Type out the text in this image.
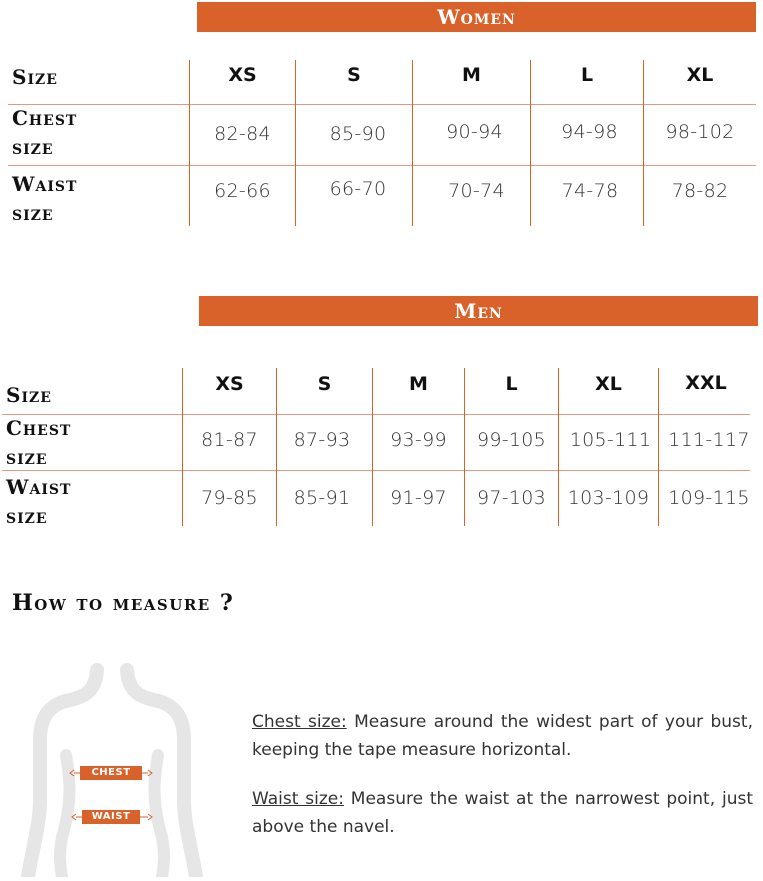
Women
Size	XS	S	M	L	XL
Chest
size
82-84	85-90	90-94	94-98	98-102
Waist
size
62-66	66-70	70-74	74-78	78-82
Men
Size	XS	S	M	L	XL	XXL
Chest
size
81-87	87-93	93-99	99-105	105-111 111-117
Waist
size
79-85	85-91	91-97	97-103	103-109	109-115
How to measure ?
CHEST
WAIST
Chest size: Measure around the widest part of your bust, keeping the tape measure horizontal.
Waist size: Measure the waist at the narrowest point, just above the navel.
